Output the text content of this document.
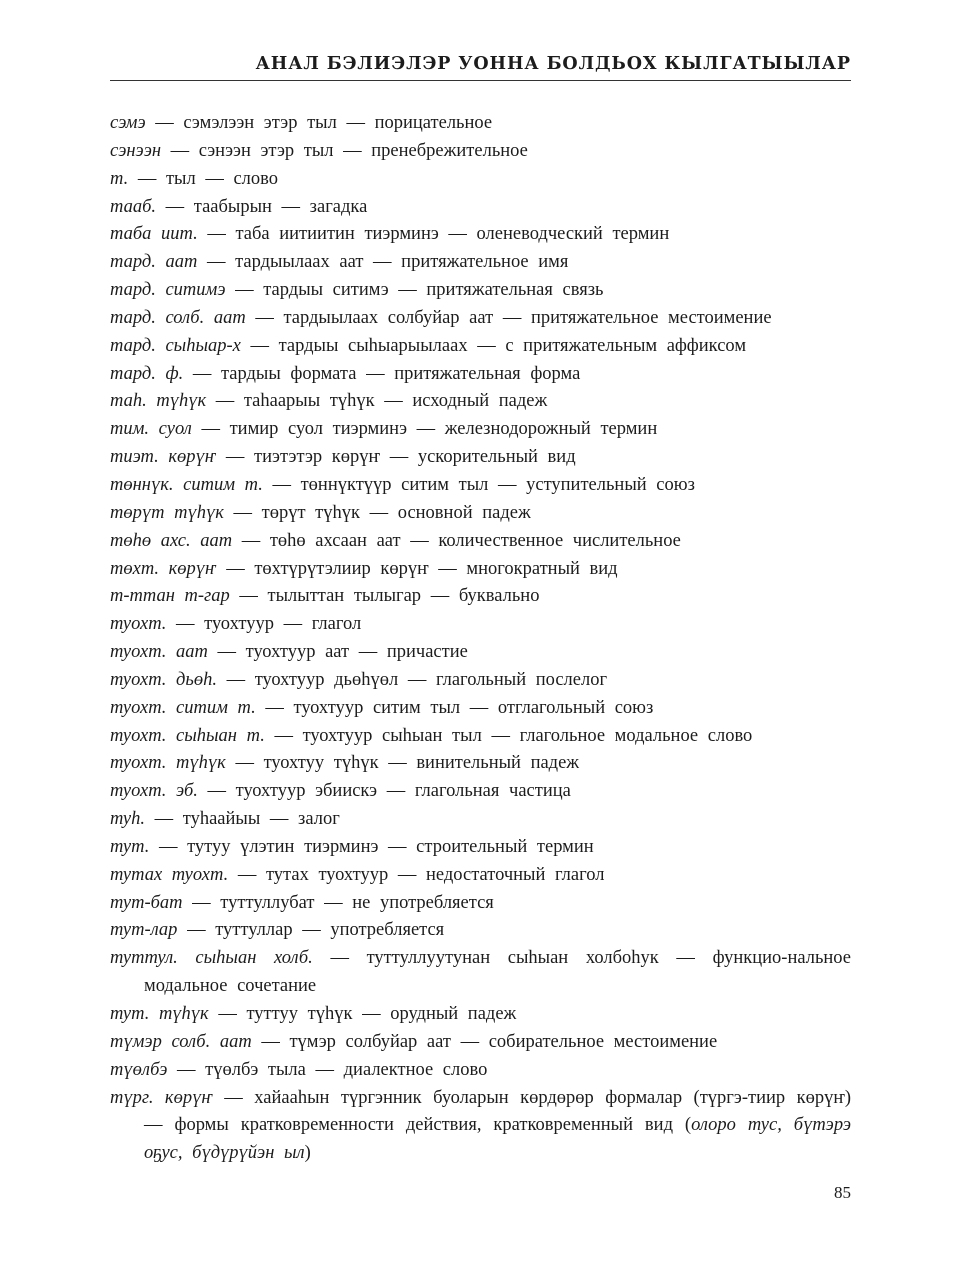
АНАЛ БЭЛИЭЛЭР УОННА БОЛДЬОХ КЫЛГАТЫЫЛАР
сэмэ — сэмэлээн этэр тыл — порицательное
сэнээн — сэнээн этэр тыл — пренебрежительное
т. — тыл — слово
тааб. — таабырын — загадка
таба иит. — таба иитиитин тиэрминэ — оленеводческий термин
тард. аат — тардыылаах аат — притяжательное имя
тард. ситимэ — тардыы ситимэ — притяжательная связь
тард. солб. аат — тардыылаах солбуйар аат — притяжательное местоимение
тард. сыһыар-х — тардыы сыһыарыылаах — с притяжательным аффиксом
тард. ф. — тардыы формата — притяжательная форма
таһ. түһүк — таһаарыы түһүк — исходный падеж
тим. суол — тимир суол тиэрминэ — железнодорожный термин
тиэт. көрүҥ — тиэтэтэр көрүҥ — ускорительный вид
төннүк. ситим т. — төннүктүүр ситим тыл — уступительный союз
төрүт түһүк — төрүт түһүк — основной падеж
төһө ахс. аат — төһө ахсаан аат — количественное числительное
төхт. көрүҥ — төхтүрүтэлиир көрүҥ — многократный вид
т-ттан т-гар — тылыттан тылыгар — буквально
туохт. — туохтуур — глагол
туохт. аат — туохтуур аат — причастие
туохт. дьөһ. — туохтуур дьөһүөл — глагольный послелог
туохт. ситим т. — туохтуур ситим тыл — отглагольный союз
туохт. сыһыан т. — туохтуур сыһыан тыл — глагольное модальное слово
туохт. түһүк — туохтуу түһүк — винительный падеж
туохт. эб. — туохтуур эбиискэ — глагольная частица
туһ. — туһаайыы — залог
тут. — тутуу үлэтин тиэрминэ — строительный термин
тутах туохт. — тутах туохтуур — недостаточный глагол
тут-бат — туттуллубат — не употребляется
тут-лар — туттуллар — употребляется
туттул. сыһыан холб. — туттуллуутунан сыһыан холбоһук — функцио-нальное модальное сочетание
тут. түһүк — туттуу түһүк — орудный падеж
түмэр солб. аат — түмэр солбуйар аат — собирательное местоимение
түөлбэ — түөлбэ тыла — диалектное слово
түрг. көрүҥ — хайааһын түргэнник буоларын көрдөрөр формалар (түргэ-тиир көрүҥ) — формы кратковременности действия, кратковременный вид (олоро тус, бүтэрэ оҕус, бүдүрүйэн ыл)
85
